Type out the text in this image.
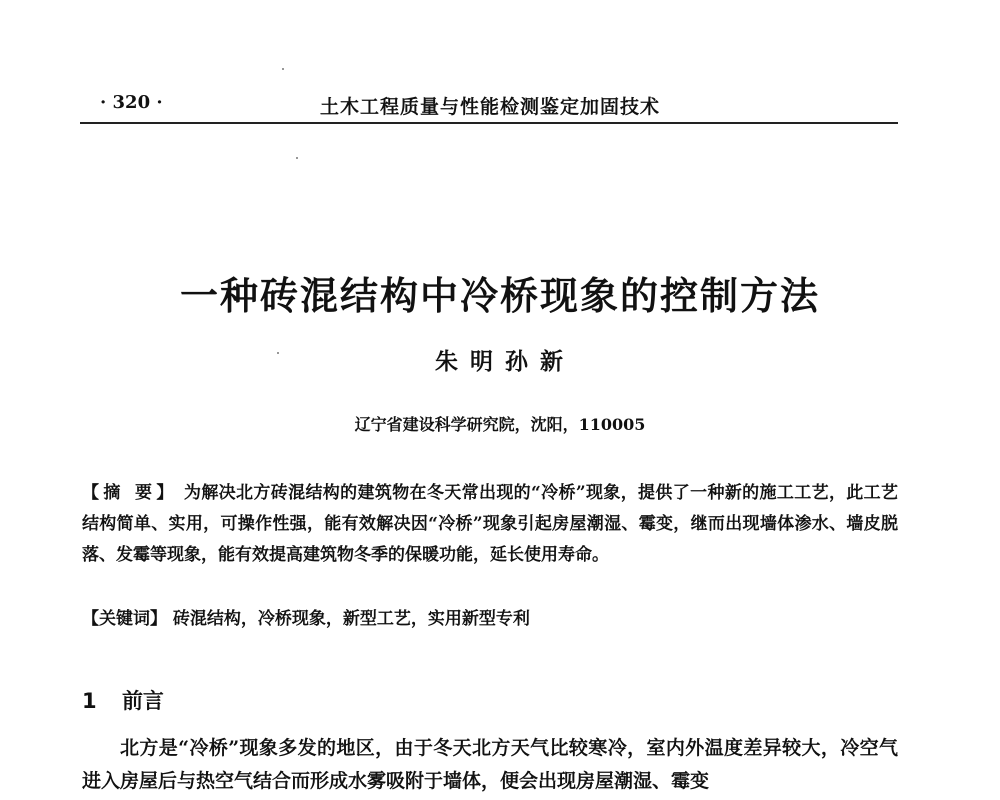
· 320 ·	土木工程质量与性能检测鉴定加固技术
一种砖混结构中冷桥现象的控制方法
朱 明 孙 新
辽宁省建设科学研究院，沈阳，110005
【摘 要】 为解决北方砖混结构的建筑物在冬天常出现的“冷桥”现象，提供了一种新的施工工艺，此工艺结构简单、实用，可操作性强，能有效解决因“冷桥”现象引起房屋潮湿、霉变，继而出现墙体渗水、墙皮脱落、发霉等现象，能有效提高建筑物冬季的保暖功能，延长使用寿命。
【关键词】 砖混结构，冷桥现象，新型工艺，实用新型专利
1 前言
北方是“冷桥”现象多发的地区，由于冬天北方天气比较寒冷，室内外温度差异较大，冷空气进入房屋后与热空气结合而形成水雾吸附于墙体，便会出现房屋潮湿、霉变
